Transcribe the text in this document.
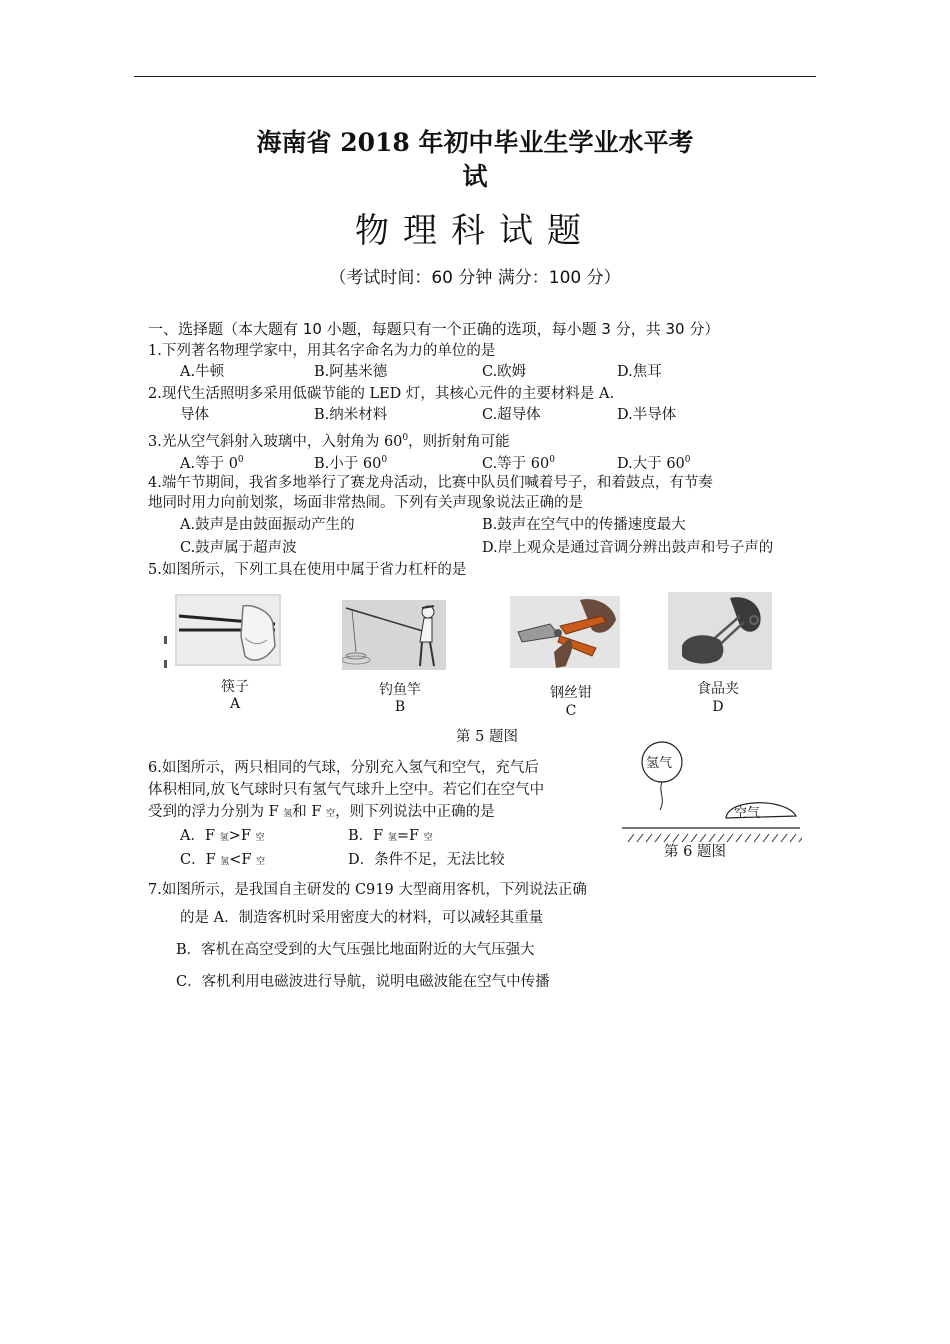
海南省 2018 年初中毕业生学业水平考
试
物理科试题
（考试时间：60 分钟 满分：100 分）
一、选择题（本大题有 10 小题，每题只有一个正确的选项，每小题 3 分，共 30 分）
1.下列著名物理学家中，用其名字命名为力的单位的是
A.牛顿	B.阿基米德	C.欧姆	D.焦耳
2.现代生活照明多采用低碳节能的 LED 灯，其核心元件的主要材料是 A.
导体	B.纳米材料	C.超导体	D.半导体
3.光从空气斜射入玻璃中，入射角为 $60^0$，则折射角可能
A.等于 $0^0$	B.小于 $60^0$	C.等于 $60^0$	D.大于 $60^0$
4.端午节期间，我省多地举行了赛龙舟活动，比赛中队员们喊着号子，和着鼓点，有节奏
地同时用力向前划浆，场面非常热闹。下列有关声现象说法正确的是
A.鼓声是由鼓面振动产生的	B.鼓声在空气中的传播速度最大
C.鼓声属于超声波	D.岸上观众是通过音调分辨出鼓声和号子声的
5.如图所示，下列工具在使用中属于省力杠杆的是
筷子
A
钓鱼竿
B
钢丝钳
C
食品夹
D
第 5 题图
6.如图所示，两只相同的气球，分别充入氢气和空气，充气后
体积相同,放飞气球时只有氢气气球升上空中。若它们在空气中
受到的浮力分别为 F 氢和 F 空，则下列说法中正确的是
A．F 氢>F 空	B．F 氢=F 空
C．F 氢<F 空	D．条件不足，无法比较
氢气
空气
第 6 题图
7.如图所示，是我国自主研发的 C919 大型商用客机，下列说法正确
的是 A．制造客机时采用密度大的材料，可以减轻其重量
B．客机在高空受到的大气压强比地面附近的大气压强大
C．客机利用电磁波进行导航，说明电磁波能在空气中传播
